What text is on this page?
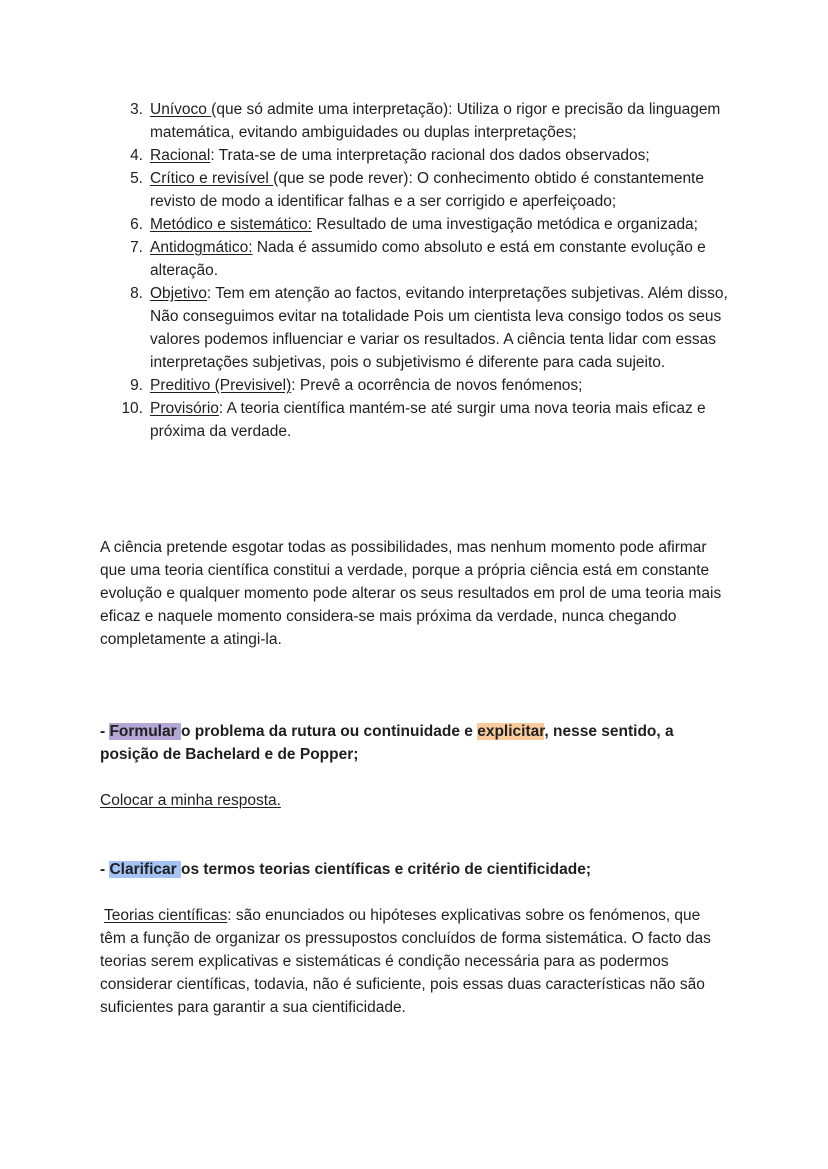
3. Unívoco (que só admite uma interpretação): Utiliza o rigor e precisão da linguagem matemática, evitando ambiguidades ou duplas interpretações;
4. Racional: Trata-se de uma interpretação racional dos dados observados;
5. Crítico e revisível (que se pode rever): O conhecimento obtido é constantemente revisto de modo a identificar falhas e a ser corrigido e aperfeiçoado;
6. Metódico e sistemático: Resultado de uma investigação metódica e organizada;
7. Antidogmático: Nada é assumido como absoluto e está em constante evolução e alteração.
8. Objetivo: Tem em atenção ao factos, evitando interpretações subjetivas. Além disso, Não conseguimos evitar na totalidade Pois um cientista leva consigo todos os seus valores podemos influenciar e variar os resultados. A ciência tenta lidar com essas interpretações subjetivas, pois o subjetivismo é diferente para cada sujeito.
9. Preditivo (Previsivel): Prevê a ocorrência de novos fenómenos;
10. Provisório: A teoria científica mantém-se até surgir uma nova teoria mais eficaz e próxima da verdade.

A ciência pretende esgotar todas as possibilidades, mas nenhum momento pode afirmar que uma teoria científica constitui a verdade, porque a própria ciência está em constante evolução e qualquer momento pode alterar os seus resultados em prol de uma teoria mais eficaz e naquele momento considera-se mais próxima da verdade, nunca chegando completamente a atingi-la.

- Formular o problema da rutura ou continuidade e explicitar, nesse sentido, a posição de Bachelard e de Popper;

Colocar a minha resposta.

- Clarificar os termos teorias científicas e critério de cientificidade;

Teorias científicas: são enunciados ou hipóteses explicativas sobre os fenómenos, que têm a função de organizar os pressupostos concluídos de forma sistemática. O facto das teorias serem explicativas e sistemáticas é condição necessária para as podermos considerar científicas, todavia, não é suficiente, pois essas duas características não são suficientes para garantir a sua cientificidade.
